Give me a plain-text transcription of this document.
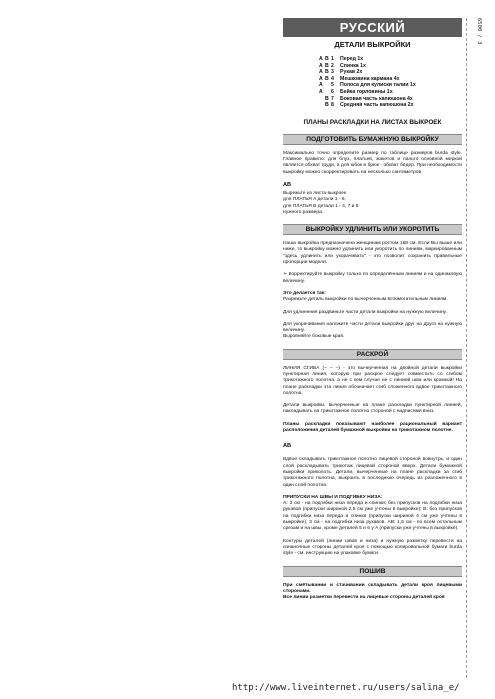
РУССКИЙ
ДЕТАЛИ ВЫКРОЙКИ
A B 1 Перед 1х
A B 2 Спинка 1х
A B 3 Рукав 2х
A B 4 Мешковина кармана 4х
A 5 Полоса для кулиски талии 1х
A 6 Бейка горловины 1х
B 7 Боковая часть капюшона 4х
B 8 Средняя часть капюшона 2х
ПЛАНЫ РАСКЛАДКИ НА ЛИСТАХ ВЫКРОЕК
ПОДГОТОВИТЬ БУМАЖНУЮ ВЫКРОЙКУ
Максимально точно определите размер по таблице размеров burda style. Главное правило: для блуз, платьев, жакетов и пальто основной меркой является обхват груди, а для юбок и брюк - обхват бёдер. При необходимости выкройку можно скорректировать на несколько сантиметров.
AB
Вырежьте из листа выкроек
для ПЛАТЬЯ A детали 1 - 6,
для ПЛАТЬЯ B детали 1 - 4, 7 и 8
нужного размера.
ВЫКРОЙКУ УДЛИНИТЬ ИЛИ УКОРОТИТЬ
Наша выкройка предназначена женщинам ростом 168 см. Если Вы выше или ниже, то выкройку можно удлинить или укоротить по линиям, маркированным "здесь удлинить или укорачивать" - это позволит сохранить правильные пропорции модели.
➣ Корректируйте выкройку только по определённым линиям и на одинаковую величину.
Это делается так:
Разрежьте деталь выкройки по вычерченным вспомогательным линиям.
Для удлинения раздвиньте части детали выкройки на нужную величину.
Для укорачивания наложите части детали выкройки друг на друга на нужную величину.
Выровняйте боковые края.
РАСКРОЙ
ЛИНИЯ СГИБА (– – –) - это вычерченная на двойной детали выкройки пунктирная линия, которую при раскрое следует совместить со сгибом трикотажного полотна, а не с кем случае не с линией шва или кромкой! На плане раскладки эта линия обозначает сгиб сложенного вдвое трикотажного полотна.
Детали выкройки, вычерченные на плане раскладки пунктирной линией, накладывать на трикотажное полотно стороной с надписями вниз.
Планы раскладки показывают наиболее рациональный вариант расположения деталей бумажной выкройки на трикотажном полотне.
AB
Вдвое складывать трикотажное полотно лицевой стороной вовнутрь, и один слой раскладывать трикотаж лицевой стороной вверх. Детали бумажной выкройки приколоть. Детали, вычерченные на плане раскладки за сгиб трикотажного полотна, выкроить в последнюю очередь из разложенного в один слой полотна.
ПРИПУСКИ НА ШВЫ И ПОДГИБКУ НИЗА:
A: 3 см - на подгибки низа переда и спинки; без припусков на подгибки низа рукавов (припуски шириной 2,5 см уже учтены в выкройке); B: без припусков на подгибки низа переда и спинки (припуски шириной 4 см уже учтены в выкройке), 3 см - на подгибки низа рукавов. AB: 1,5 см - по всем остальным срезам и на швы, кроме деталей 5 и 6 у A (припуски уже учтены в выкройке).
Контуры деталей (линии швов и низа) и нужную разметку перевести на изнаночные стороны деталей кроя с помощью копировальной бумаги burda style - см. инструкцию на упаковке бумаги.
ПОШИВ
При смётывании и стачивании складывать детали кроя лицевыми сторонами.
Все линии разметки перевести на лицевые стороны деталей кроя
6500 / 3
http://www.liveinternet.ru/users/salina_e/
